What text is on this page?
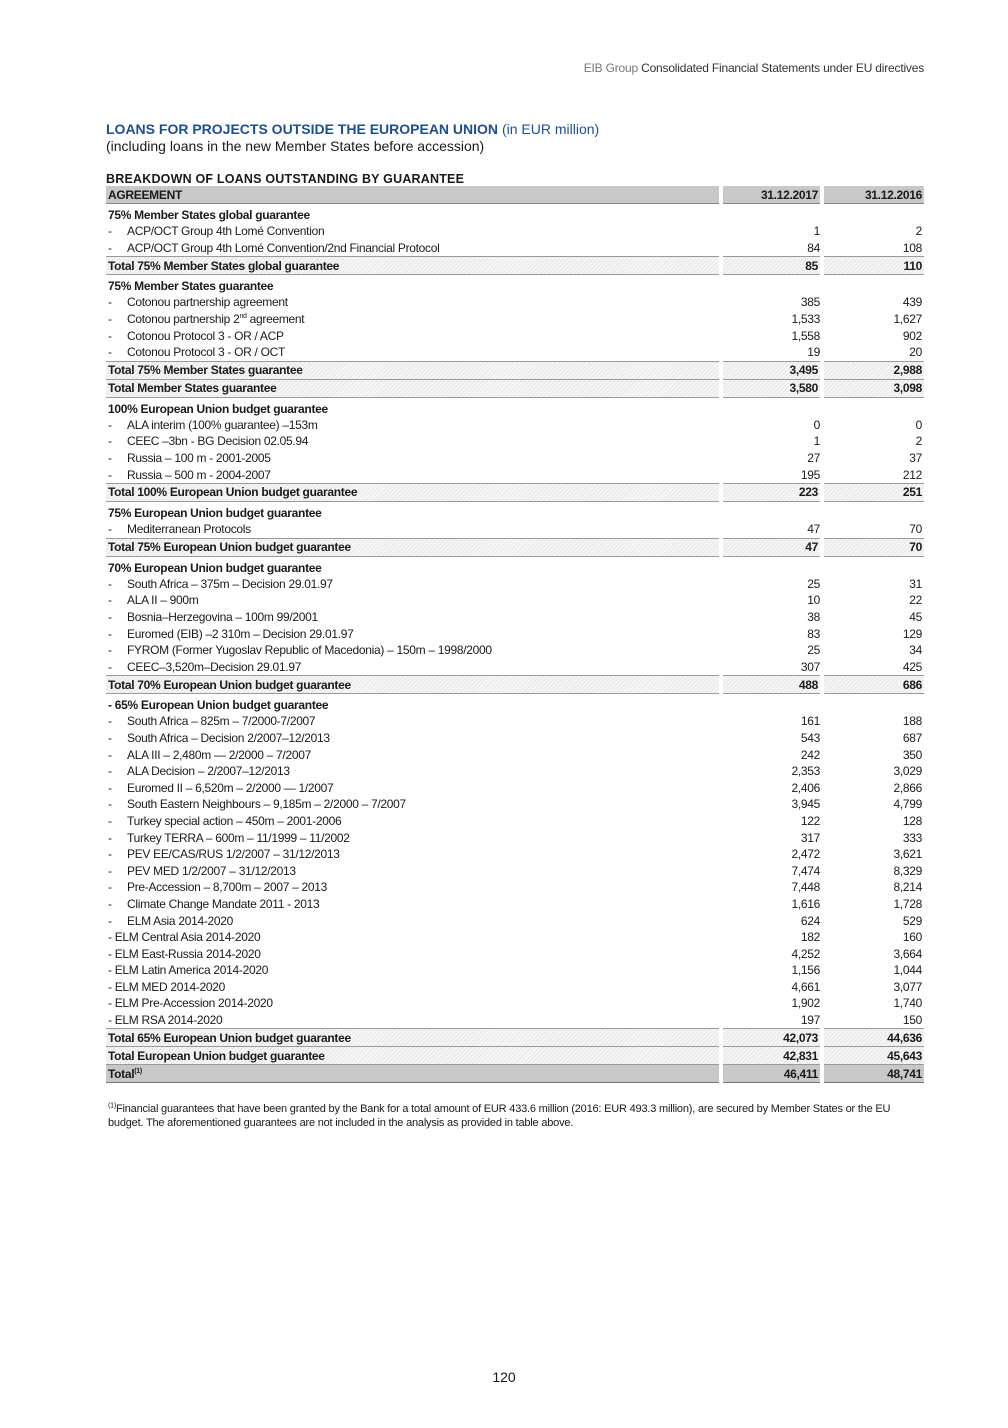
EIB Group Consolidated Financial Statements under EU directives
LOANS FOR PROJECTS OUTSIDE THE EUROPEAN UNION (in EUR million)
(including loans in the new Member States before accession)
BREAKDOWN OF LOANS OUTSTANDING BY GUARANTEE
AGREEMENT	31.12.2017	31.12.2016
75% Member States global guarantee		
- ACP/OCT Group 4th Lomé Convention	1	2
- ACP/OCT Group 4th Lomé Convention/2nd Financial Protocol	84	108
Total 75% Member States global guarantee	85	110
75% Member States guarantee		
- Cotonou partnership agreement	385	439
- Cotonou partnership 2nd agreement	1,533	1,627
- Cotonou Protocol 3 - OR / ACP	1,558	902
- Cotonou Protocol 3 - OR / OCT	19	20
Total 75% Member States guarantee	3,495	2,988
Total Member States guarantee	3,580	3,098
100% European Union budget guarantee		
- ALA interim (100% guarantee) –153m	0	0
- CEEC –3bn - BG Decision 02.05.94	1	2
- Russia – 100 m - 2001-2005	27	37
- Russia – 500 m - 2004-2007	195	212
Total 100% European Union budget guarantee	223	251
75% European Union budget guarantee		
- Mediterranean Protocols	47	70
Total 75% European Union budget guarantee	47	70
70% European Union budget guarantee		
- South Africa – 375m – Decision 29.01.97	25	31
- ALA II – 900m	10	22
- Bosnia–Herzegovina – 100m 99/2001	38	45
- Euromed (EIB) –2 310m – Decision 29.01.97	83	129
- FYROM (Former Yugoslav Republic of Macedonia) – 150m – 1998/2000	25	34
- CEEC–3,520m–Decision 29.01.97	307	425
Total 70% European Union budget guarantee	488	686
- 65% European Union budget guarantee		
- South Africa – 825m – 7/2000-7/2007	161	188
- South Africa – Decision 2/2007–12/2013	543	687
- ALA III – 2,480m — 2/2000 – 7/2007	242	350
- ALA Decision – 2/2007–12/2013	2,353	3,029
- Euromed II – 6,520m – 2/2000 — 1/2007	2,406	2,866
- South Eastern Neighbours – 9,185m – 2/2000 – 7/2007	3,945	4,799
- Turkey special action – 450m – 2001-2006	122	128
- Turkey TERRA – 600m – 11/1999 – 11/2002	317	333
- PEV EE/CAS/RUS 1/2/2007 – 31/12/2013	2,472	3,621
- PEV MED 1/2/2007 – 31/12/2013	7,474	8,329
- Pre-Accession – 8,700m – 2007 – 2013	7,448	8,214
- Climate Change Mandate 2011 - 2013	1,616	1,728
- ELM Asia 2014-2020	624	529
- ELM Central Asia 2014-2020	182	160
- ELM East-Russia 2014-2020	4,252	3,664
- ELM Latin America 2014-2020	1,156	1,044
- ELM MED 2014-2020	4,661	3,077
- ELM Pre-Accession 2014-2020	1,902	1,740
- ELM RSA 2014-2020	197	150
Total 65% European Union budget guarantee	42,073	44,636
Total European Union budget guarantee	42,831	45,643
Total$^{(1)}$	46,411	48,741
$^{(1)}$Financial guarantees that have been granted by the Bank for a total amount of EUR 433.6 million (2016: EUR 493.3 million), are secured by Member States or the EU budget. The aforementioned guarantees are not included in the analysis as provided in table above.
120
